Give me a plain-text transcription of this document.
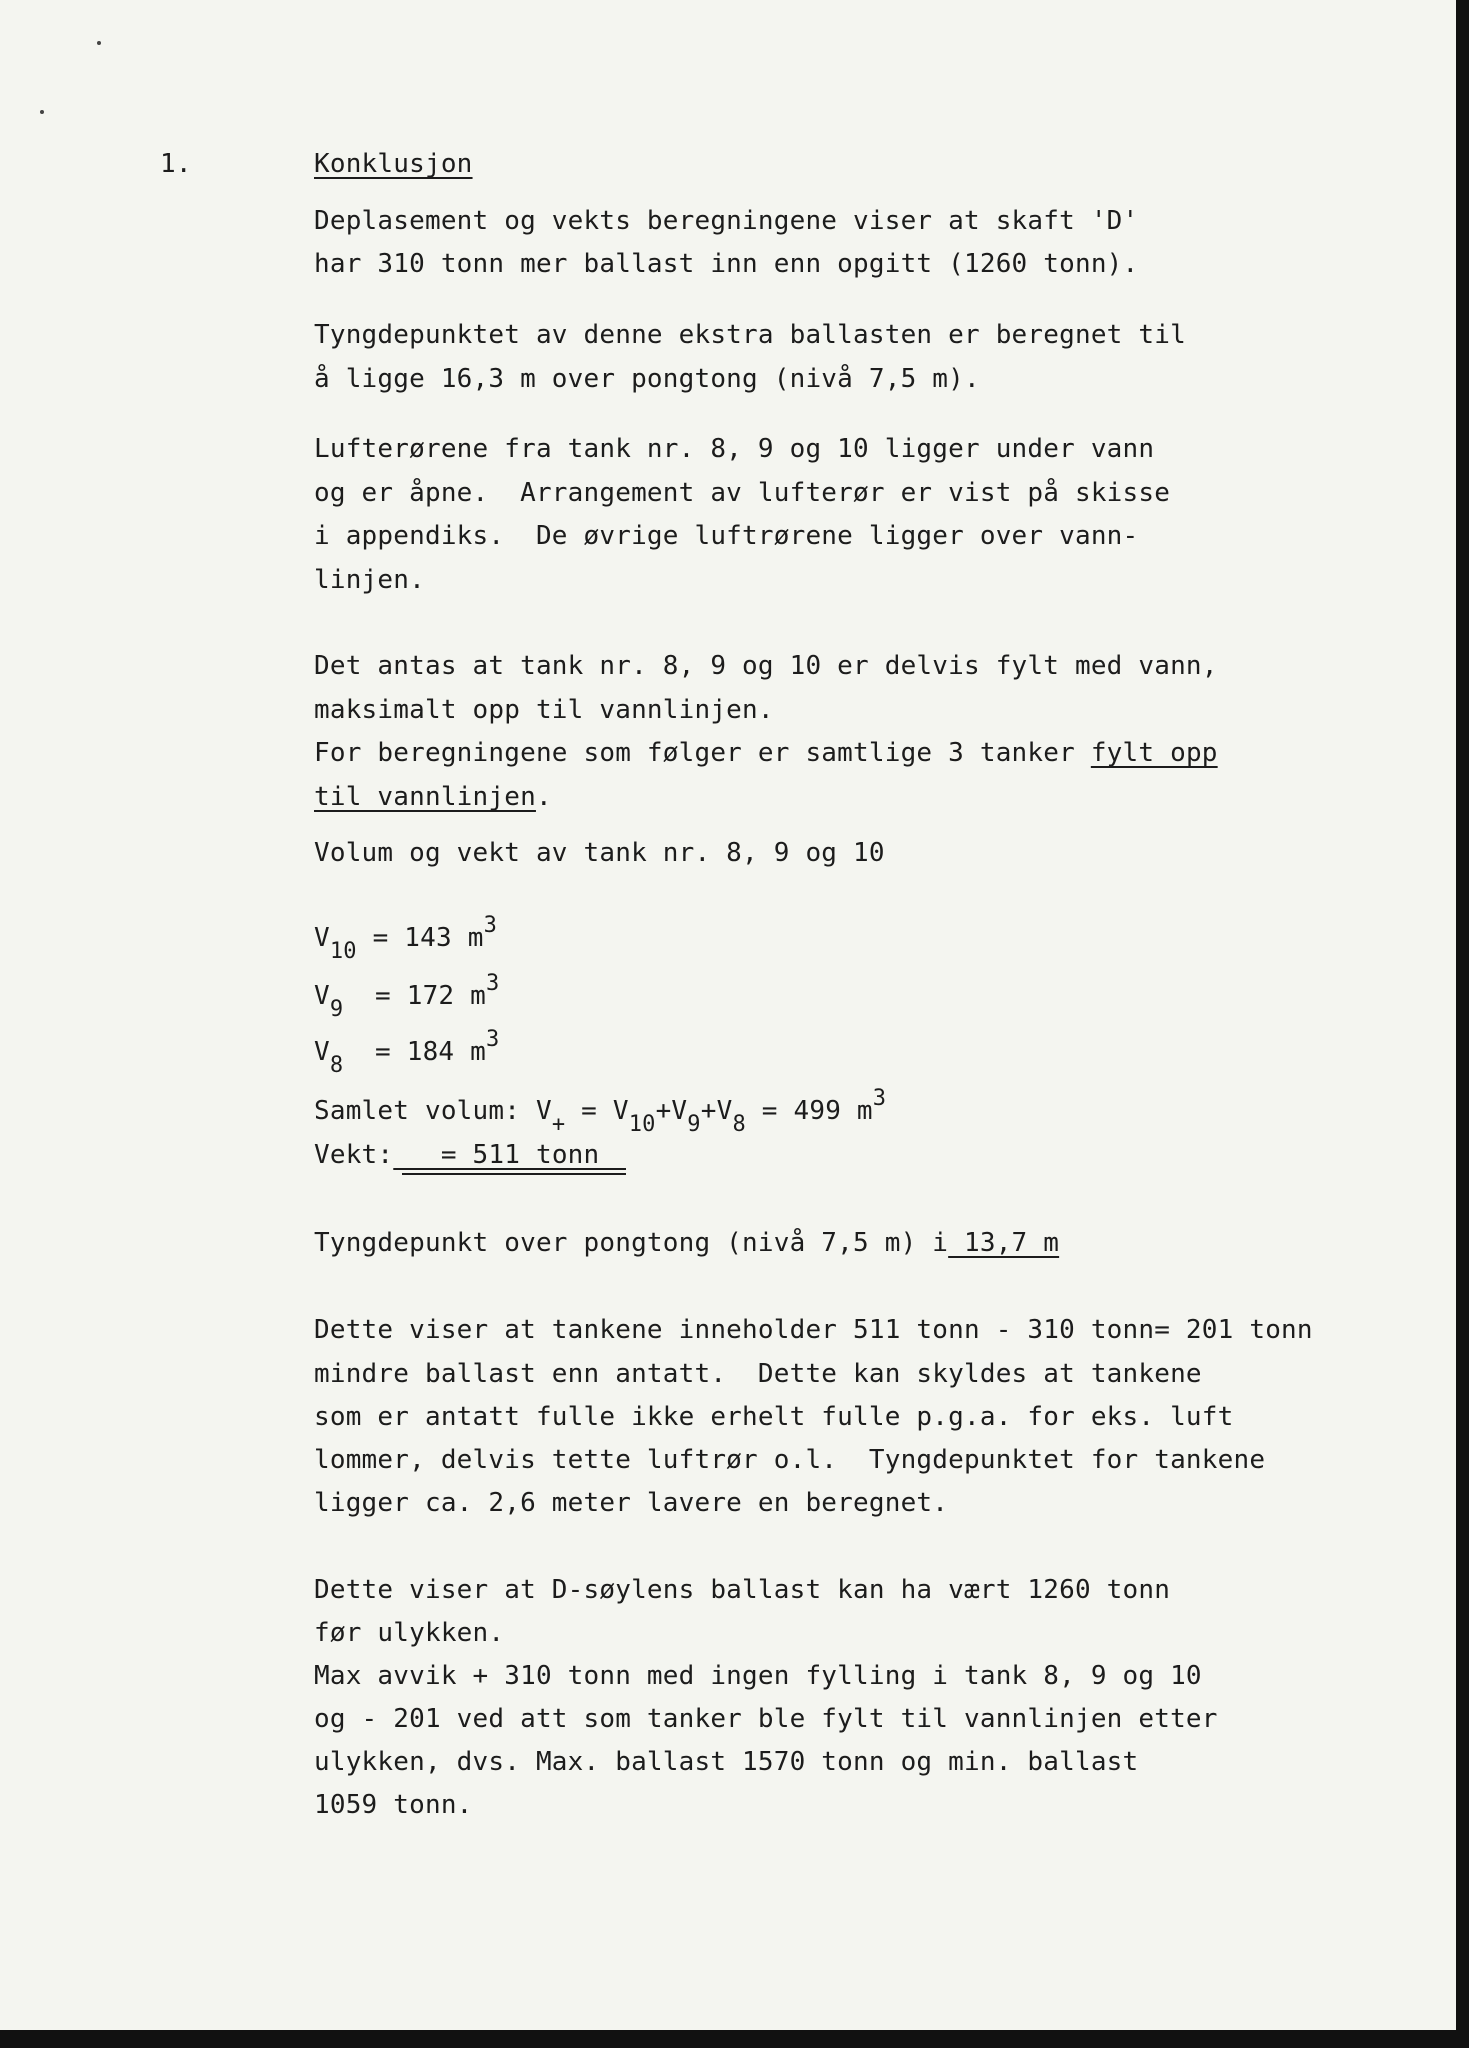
1.	Konklusjon
Deplasement og vekts beregningene viser at skaft 'D'
har 310 tonn mer ballast inn enn opgitt (1260 tonn).
Tyngdepunktet av denne ekstra ballasten er beregnet til
å ligge 16,3 m over pongtong (nivå 7,5 m).
Lufterørene fra tank nr. 8, 9 og 10 ligger under vann
og er åpne.  Arrangement av lufterør er vist på skisse
i appendiks.  De øvrige luftrørene ligger over vann-
linjen.
Det antas at tank nr. 8, 9 og 10 er delvis fylt med vann,
maksimalt opp til vannlinjen.
For beregningene som følger er samtlige 3 tanker fylt opp
til vannlinjen.
Volum og vekt av tank nr. 8, 9 og 10
$V_{10} = 143$ $m^3$
$V_9 = 172$ $m^3$
$V_8 = 184$ $m^3$
Samlet volum: $V_+ = V_{10}+V_9+V_8 = 499$ $m^3$
Vekt:   = 511 tonn
Tyngdepunkt over pongtong (nivå 7,5 m) i 13,7 m
Dette viser at tankene inneholder 511 tonn - 310 tonn= 201 tonn
mindre ballast enn antatt.  Dette kan skyldes at tankene
som er antatt fulle ikke erhelt fulle p.g.a. for eks. luft
lommer, delvis tette luftrør o.l.  Tyngdepunktet for tankene
ligger ca. 2,6 meter lavere en beregnet.
Dette viser at D-søylens ballast kan ha vært 1260 tonn
før ulykken.
Max avvik + 310 tonn med ingen fylling i tank 8, 9 og 10
og - 201 ved att som tanker ble fylt til vannlinjen etter
ulykken, dvs. Max. ballast 1570 tonn og min. ballast
1059 tonn.
